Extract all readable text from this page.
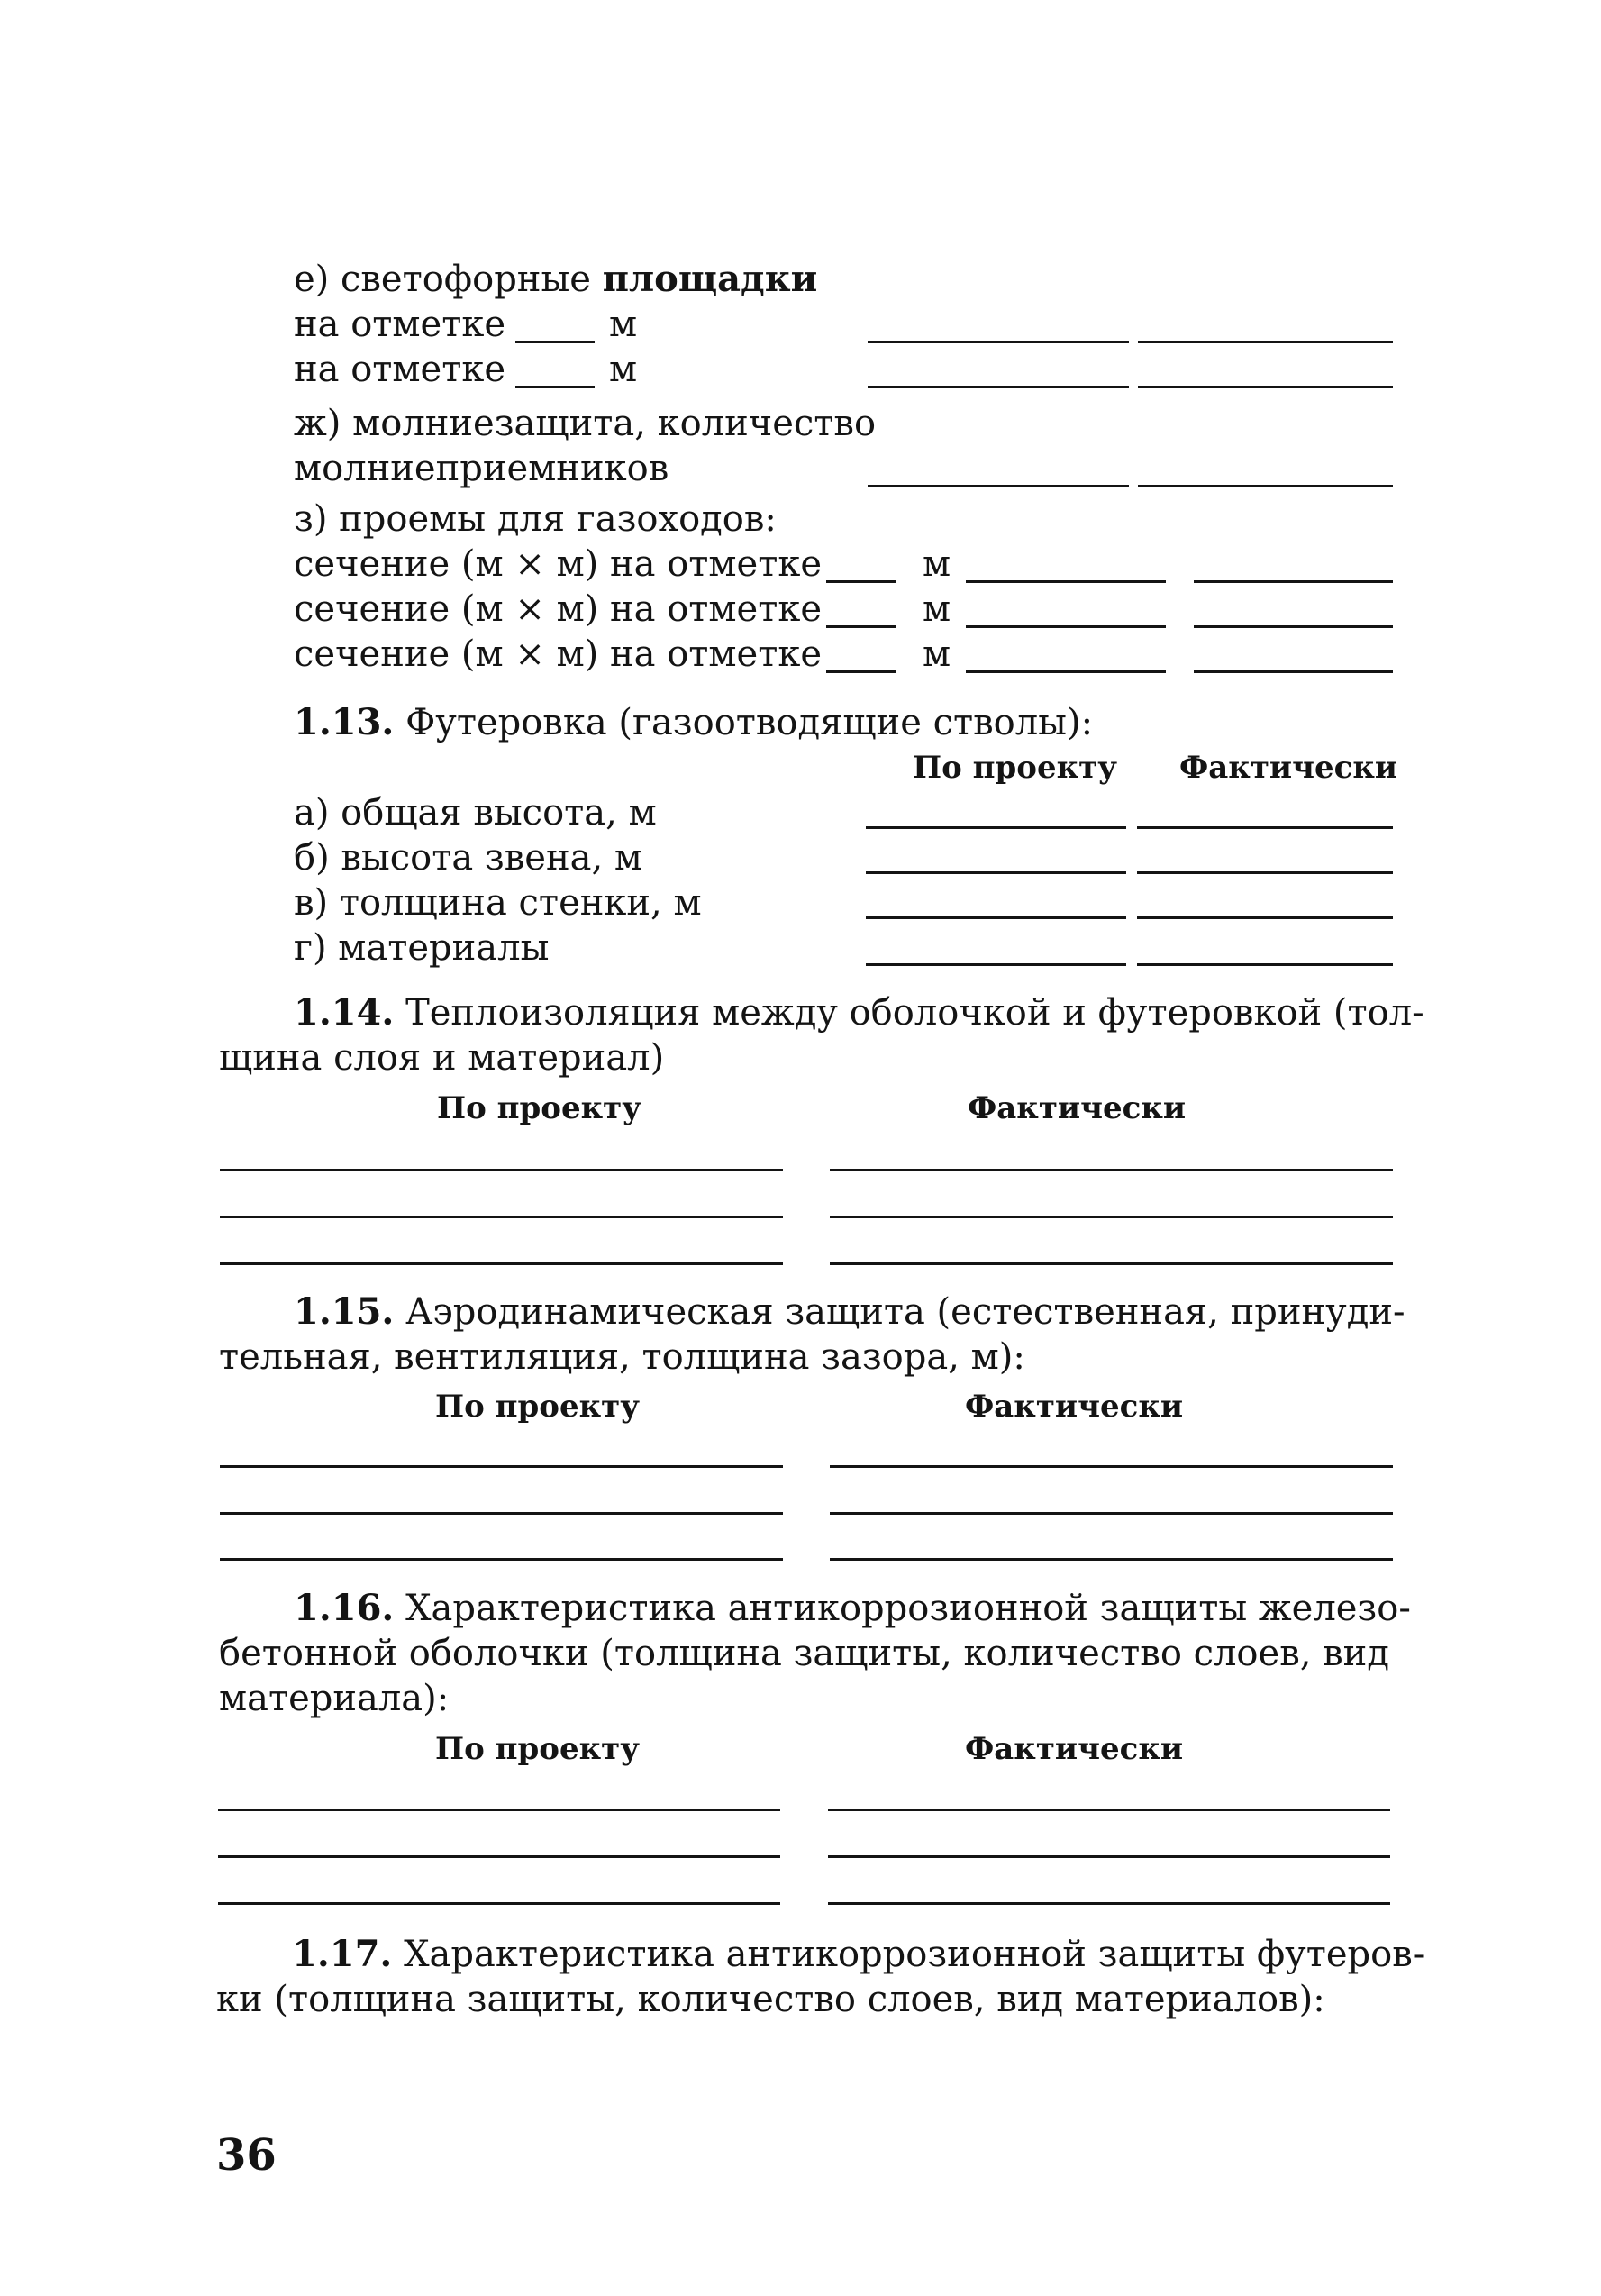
е) светофорные площадки
на отметке	м
на отметке	м
ж) молниезащита, количество
молниеприемников
з) проемы для газоходов:
сечение (м × м) на отметке	м
сечение (м × м) на отметке	м
сечение (м × м) на отметке	м
1.13. Футеровка (газоотводящие стволы):
По проекту Фактически
а) общая высота, м
б) высота звена, м
в) толщина стенки, м
г) материалы
1.14. Теплоизоляция между оболочкой и футеровкой (тол-
щина слоя и материал)
По проекту	Фактически
1.15. Аэродинамическая защита (естественная, принуди-
тельная, вентиляция, толщина зазора, м):
По проекту	Фактически
1.16. Характеристика антикоррозионной защиты железо-
бетонной оболочки (толщина защиты, количество слоев, вид
материала):
По проекту	Фактически
1.17. Характеристика антикоррозионной защиты футеров-
ки (толщина защиты, количество слоев, вид материалов):
36
